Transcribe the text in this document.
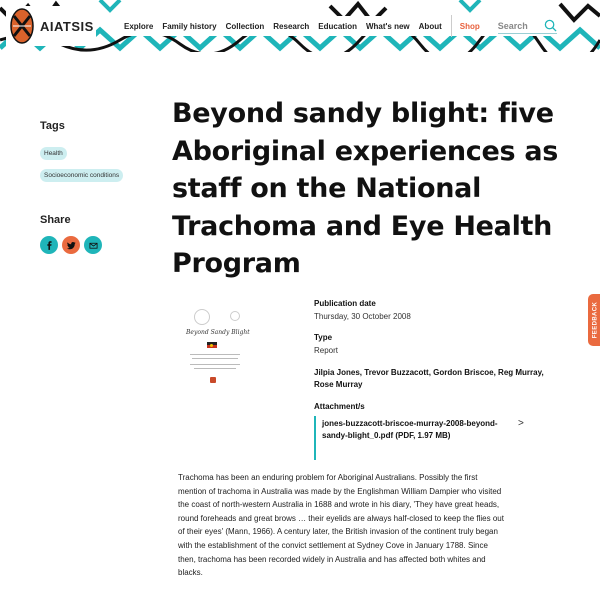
AIATSIS	Explore Family history Collection Research Education What's new About Shop Search
Tags
Health
Socioeconomic conditions
Share
Beyond sandy blight: five Aboriginal experiences as staff on the National Trachoma and Eye Health Program
Beyond Sandy Blight
Publication date
Thursday, 30 October 2008
Type
Report
Jilpia Jones, Trevor Buzzacott, Gordon Briscoe, Reg Murray, Rose Murray
Attachment/s
jones-buzzacott-briscoe-murray-2008-beyond-sandy-blight_0.pdf (PDF, 1.97 MB)
>

Trachoma has been an enduring problem for Aboriginal Australians. Possibly the first mention of trachoma in Australia was made by the Englishman William Dampier who visited the coast of north-western Australia in 1688 and wrote in his diary, 'They have great heads, round foreheads and great brows … their eyelids are always half-closed to keep the flies out of their eyes' (Mann, 1966). A century later, the British invasion of the continent truly began with the establishment of the convict settlement at Sydney Cove in January 1788. Since then, trachoma has been recorded widely in Australia and has affected both whites and blacks.

FEEDBACK
